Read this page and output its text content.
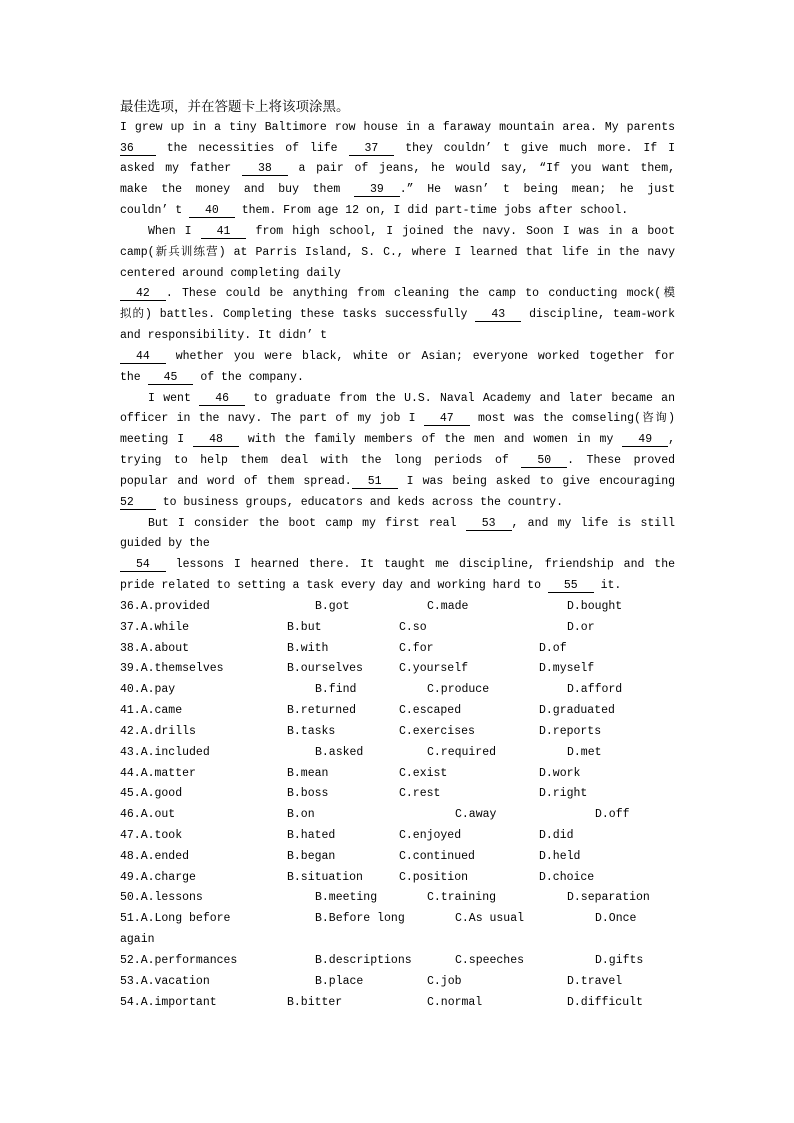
最佳选项，并在答题卡上将该项涂黑。
I grew up in a tiny Baltimore row house in a faraway mountain area. My parents
36 the necessities of life 37 they couldn’ t give much more. If I
asked my father 38 a pair of jeans, he would say, “If you want them,
make the money and buy them 39 .” He wasn’ t being mean; he just
couldn’ t 40 them. From age 12 on, I did part-time jobs after school.
When I 41 from high school, I joined the navy. Soon I was in a boot
camp(新兵训练营) at Parris Island, S. C., where I learned that life in the navy
centered around completing daily
42 . These could be anything from cleaning the camp to conducting mock(模
拟的) battles. Completing these tasks successfully 43 discipline, team-work
and responsibility. It didn’ t
44 whether you were black, white or Asian; everyone worked together for
the 45 of the company.
I went 46 to graduate from the U.S. Naval Academy and later became an
officer in the navy. The part of my job I 47 most was the comseling(咨询)
meeting I 48 with the family members of the men and women in my 49 ,
trying to help them deal with the long periods of 50 . These proved
popular and word of them spread. 51 I was being asked to give encouraging
52 to business groups, educators and keds across the country.
But I consider the boot camp my first real 53 , and my life is still
guided by the
54 lessons I hearned there. It taught me discipline, friendship and the
pride related to setting a task every day and working hard to 55 it.
36.A.provided	B.got	C.made	D.bought
37.A.while	B.but	C.so	D.or
38.A.about	B.with	C.for	D.of
39.A.themselves	B.ourselves	C.yourself	D.myself
40.A.pay	B.find	C.produce	D.afford
41.A.came	B.returned	C.escaped	D.graduated
42.A.drills	B.tasks	C.exercises	D.reports
43.A.included	B.asked	C.required	D.met
44.A.matter	B.mean	C.exist	D.work
45.A.good	B.boss	C.rest	D.right
46.A.out	B.on	C.away	D.off
47.A.took	B.hated	C.enjoyed	D.did
48.A.ended	B.began	C.continued	D.held
49.A.charge	B.situation	C.position	D.choice
50.A.lessons	B.meeting	C.training	D.separation
51.A.Long before	B.Before long	C.As usual	D.Once
again
52.A.performances	B.descriptions	C.speeches	D.gifts
53.A.vacation	B.place	C.job	D.travel
54.A.important	B.bitter	C.normal	D.difficult
